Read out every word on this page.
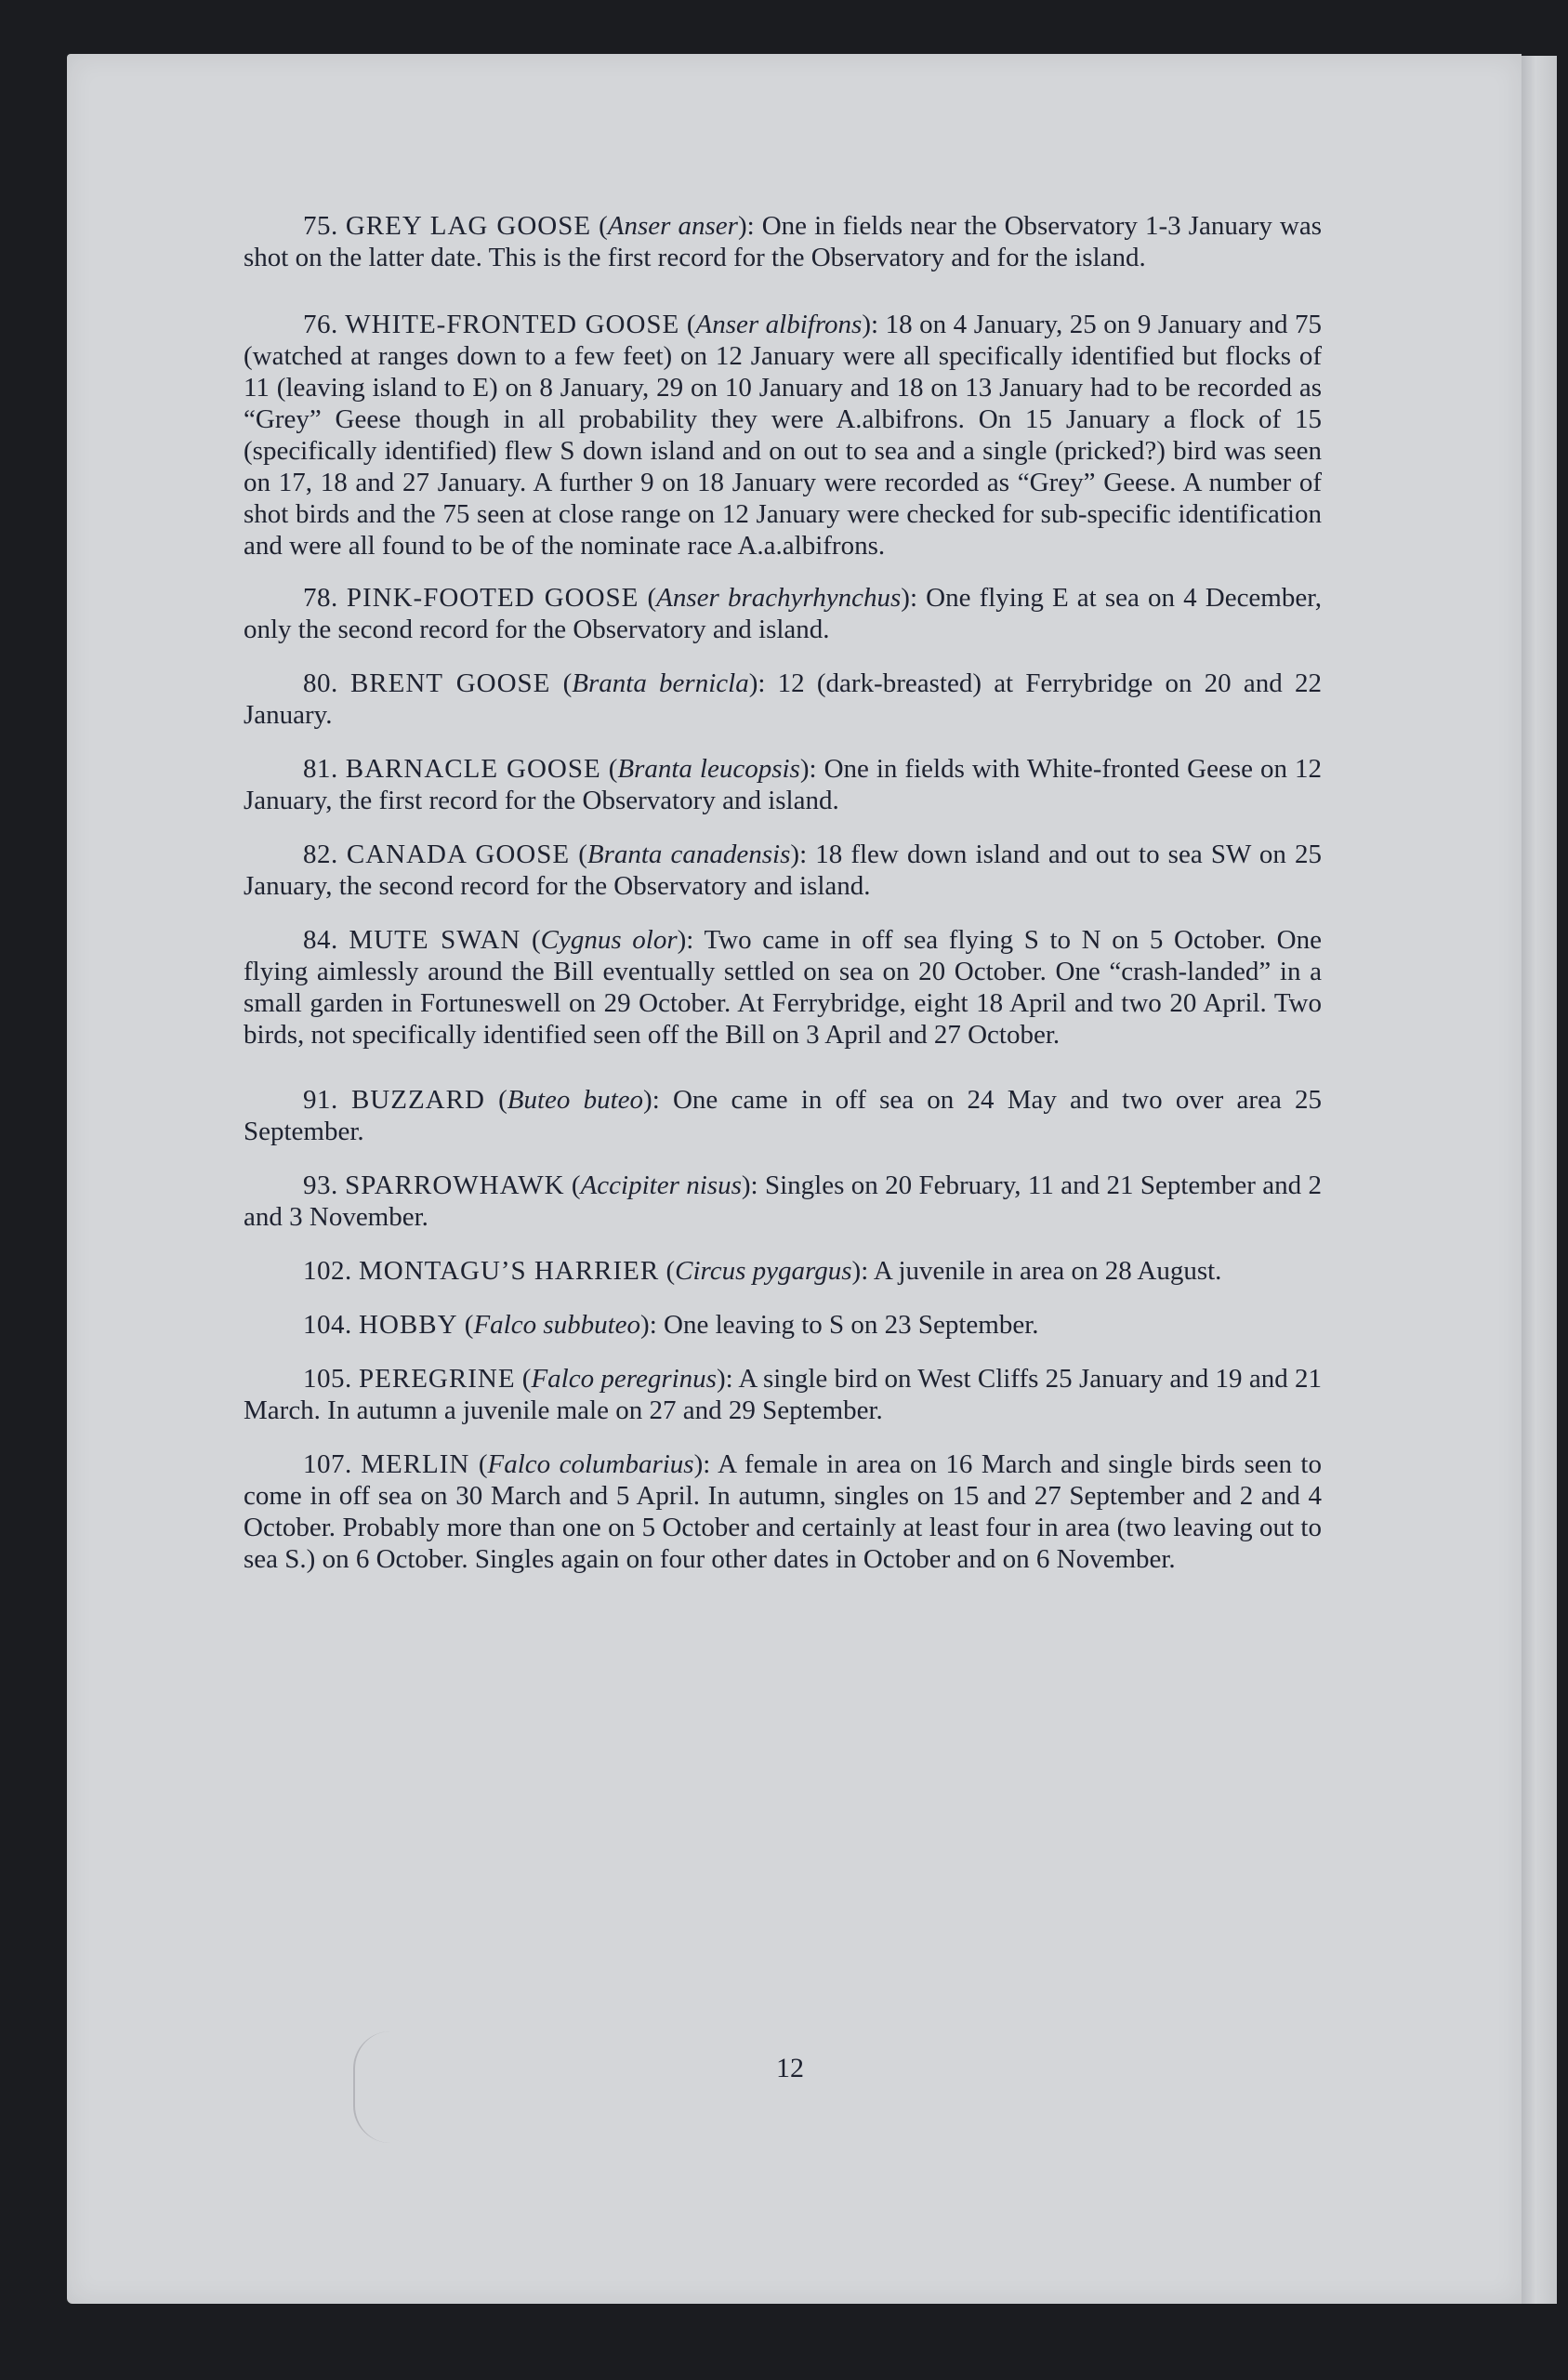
75. GREY LAG GOOSE (Anser anser): One in fields near the Observatory 1-3 January was shot on the latter date. This is the first record for the Observatory and for the island.

76. WHITE-FRONTED GOOSE (Anser albifrons): 18 on 4 January, 25 on 9 January and 75 (watched at ranges down to a few feet) on 12 January were all specifically identified but flocks of 11 (leaving island to E) on 8 January, 29 on 10 January and 18 on 13 January had to be recorded as “Grey” Geese though in all probability they were A.albifrons. On 15 January a flock of 15 (specifically identified) flew S down island and on out to sea and a single (pricked?) bird was seen on 17, 18 and 27 January. A further 9 on 18 January were recorded as “Grey” Geese. A number of shot birds and the 75 seen at close range on 12 January were checked for sub-specific identification and were all found to be of the nominate race A.a.albifrons.

78. PINK-FOOTED GOOSE (Anser brachyrhynchus): One flying E at sea on 4 December, only the second record for the Observatory and island.

80. BRENT GOOSE (Branta bernicla): 12 (dark-breasted) at Ferrybridge on 20 and 22 January.

81. BARNACLE GOOSE (Branta leucopsis): One in fields with White-fronted Geese on 12 January, the first record for the Observatory and island.

82. CANADA GOOSE (Branta canadensis): 18 flew down island and out to sea SW on 25 January, the second record for the Observatory and island.

84. MUTE SWAN (Cygnus olor): Two came in off sea flying S to N on 5 October. One flying aimlessly around the Bill eventually settled on sea on 20 October. One “crash-landed” in a small garden in Fortuneswell on 29 October. At Ferrybridge, eight 18 April and two 20 April. Two birds, not specifically identified seen off the Bill on 3 April and 27 October.

91. BUZZARD (Buteo buteo): One came in off sea on 24 May and two over area 25 September.

93. SPARROWHAWK (Accipiter nisus): Singles on 20 February, 11 and 21 September and 2 and 3 November.

102. MONTAGU’S HARRIER (Circus pygargus): A juvenile in area on 28 August.

104. HOBBY (Falco subbuteo): One leaving to S on 23 September.

105. PEREGRINE (Falco peregrinus): A single bird on West Cliffs 25 January and 19 and 21 March. In autumn a juvenile male on 27 and 29 September.

107. MERLIN (Falco columbarius): A female in area on 16 March and single birds seen to come in off sea on 30 March and 5 April. In autumn, singles on 15 and 27 September and 2 and 4 October. Probably more than one on 5 October and certainly at least four in area (two leaving out to sea S.) on 6 October. Singles again on four other dates in October and on 6 November.

12
